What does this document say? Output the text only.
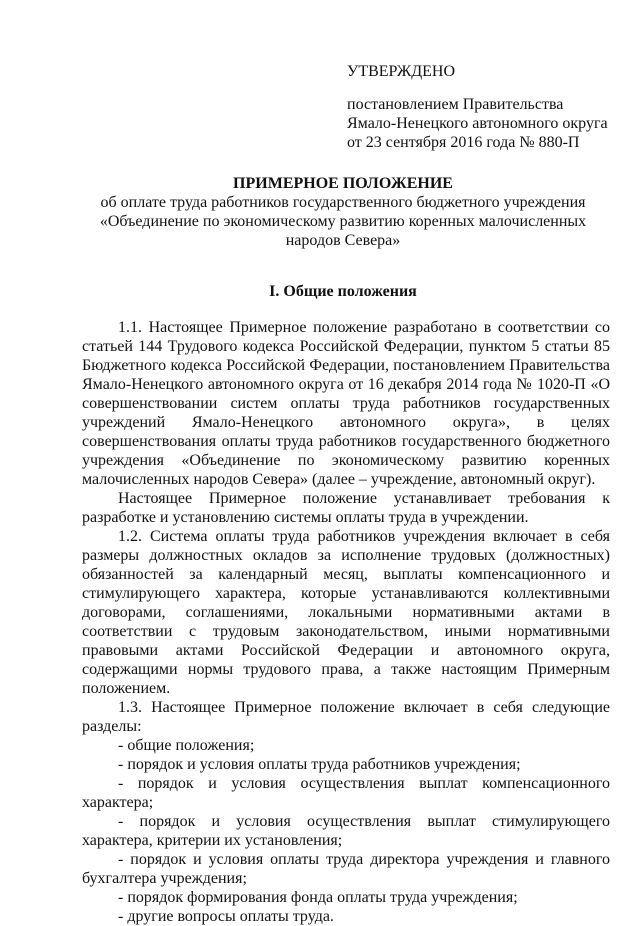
УТВЕРЖДЕНО
постановлением Правительства
Ямало-Ненецкого автономного округа
от 23 сентября 2016 года № 880-П
ПРИМЕРНОЕ ПОЛОЖЕНИЕ
об оплате труда работников государственного бюджетного учреждения
«Объединение по экономическому развитию коренных малочисленных
народов Севера»
I. Общие положения

1.1. Настоящее Примерное положение разработано в соответствии со статьей 144 Трудового кодекса Российской Федерации, пунктом 5 статьи 85 Бюджетного кодекса Российской Федерации, постановлением Правительства Ямало-Ненецкого автономного округа от 16 декабря 2014 года № 1020-П «О совершенствовании систем оплаты труда работников государственных учреждений Ямало-Ненецкого автономного округа», в целях совершенствования оплаты труда работников государственного бюджетного учреждения «Объединение по экономическому развитию коренных малочисленных народов Севера» (далее – учреждение, автономный округ).

Настоящее Примерное положение устанавливает требования к разработке и установлению системы оплаты труда в учреждении.

1.2. Система оплаты труда работников учреждения включает в себя размеры должностных окладов за исполнение трудовых (должностных) обязанностей за календарный месяц, выплаты компенсационного и стимулирующего характера, которые устанавливаются коллективными договорами, соглашениями, локальными нормативными актами в соответствии с трудовым законодательством, иными нормативными правовыми актами Российской Федерации и автономного округа, содержащими нормы трудового права, а также настоящим Примерным положением.

1.3. Настоящее Примерное положение включает в себя следующие разделы:

- общие положения;

- порядок и условия оплаты труда работников учреждения;

- порядок и условия осуществления выплат компенсационного характера;

- порядок и условия осуществления выплат стимулирующего характера, критерии их установления;

- порядок и условия оплаты труда директора учреждения и главного бухгалтера учреждения;

- порядок формирования фонда оплаты труда учреждения;

- другие вопросы оплаты труда.
